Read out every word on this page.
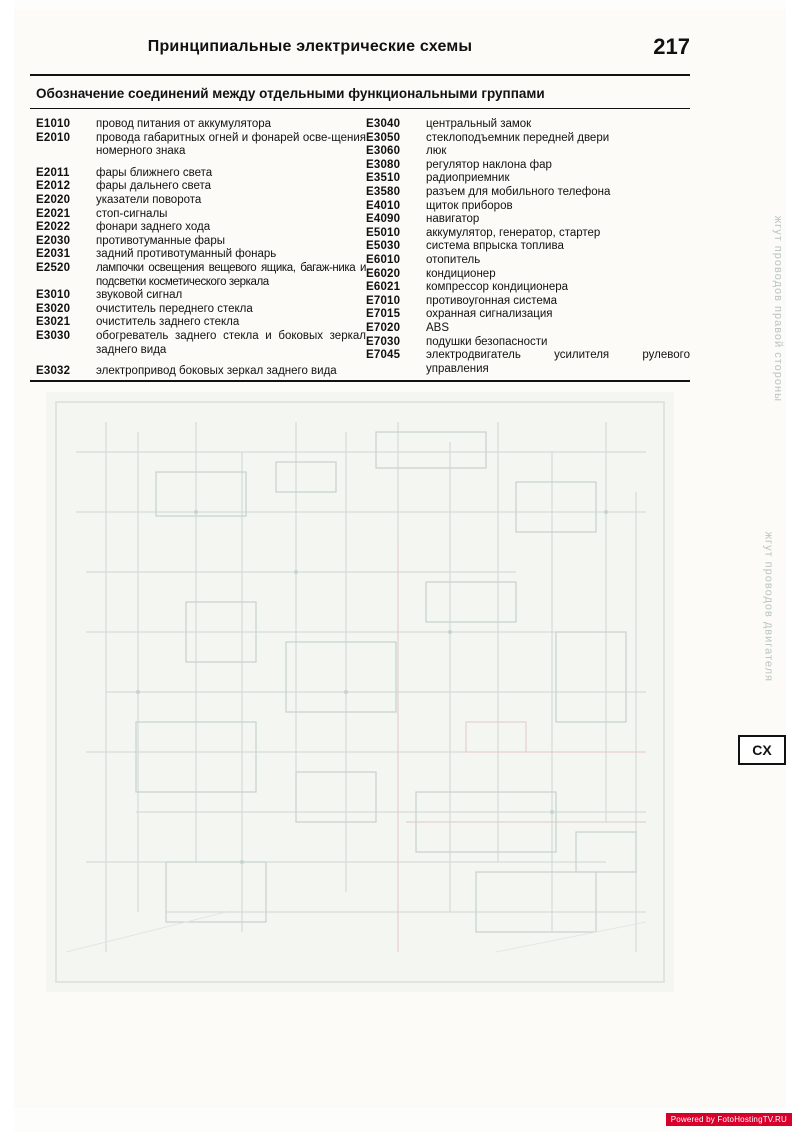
Принципиальные электрические схемы	217
Обозначение соединений между отдельными функциональными группами
E1010	провод питания от аккумулятора
E2010	провода габаритных огней и фонарей осве-щения номерного знака
E2011	фары ближнего света
E2012	фары дальнего света
E2020	указатели поворота
E2021	стоп-сигналы
E2022	фонари заднего хода
E2030	противотуманные фары
E2031	задний противотуманный фонарь
E2520	лампочки освещения вещевого ящика, багаж-ника и подсветки косметического зеркала
E3010	звуковой сигнал
E3020	очиститель переднего стекла
E3021	очиститель заднего стекла
E3030	обогреватель заднего стекла и боковых зеркал заднего вида
E3032	электропривод боковых зеркал заднего вида
E3040	центральный замок
E3050	стеклоподъемник передней двери
E3060	люк
E3080	регулятор наклона фар
E3510	радиоприемник
E3580	разъем для мобильного телефона
E4010	щиток приборов
E4090	навигатор
E5010	аккумулятор, генератор, стартер
E5030	система впрыска топлива
E6010	отопитель
E6020	кондиционер
E6021	компрессор кондиционера
E7010	противоугонная система
E7015	охранная сигнализация
E7020	ABS
E7030	подушки безопасности
E7045	электродвигатель усилителя рулевого управления	жгут проводов правой стороны
жгут проводов двигателя
CX
Powered by FotoHostingTV.RU
